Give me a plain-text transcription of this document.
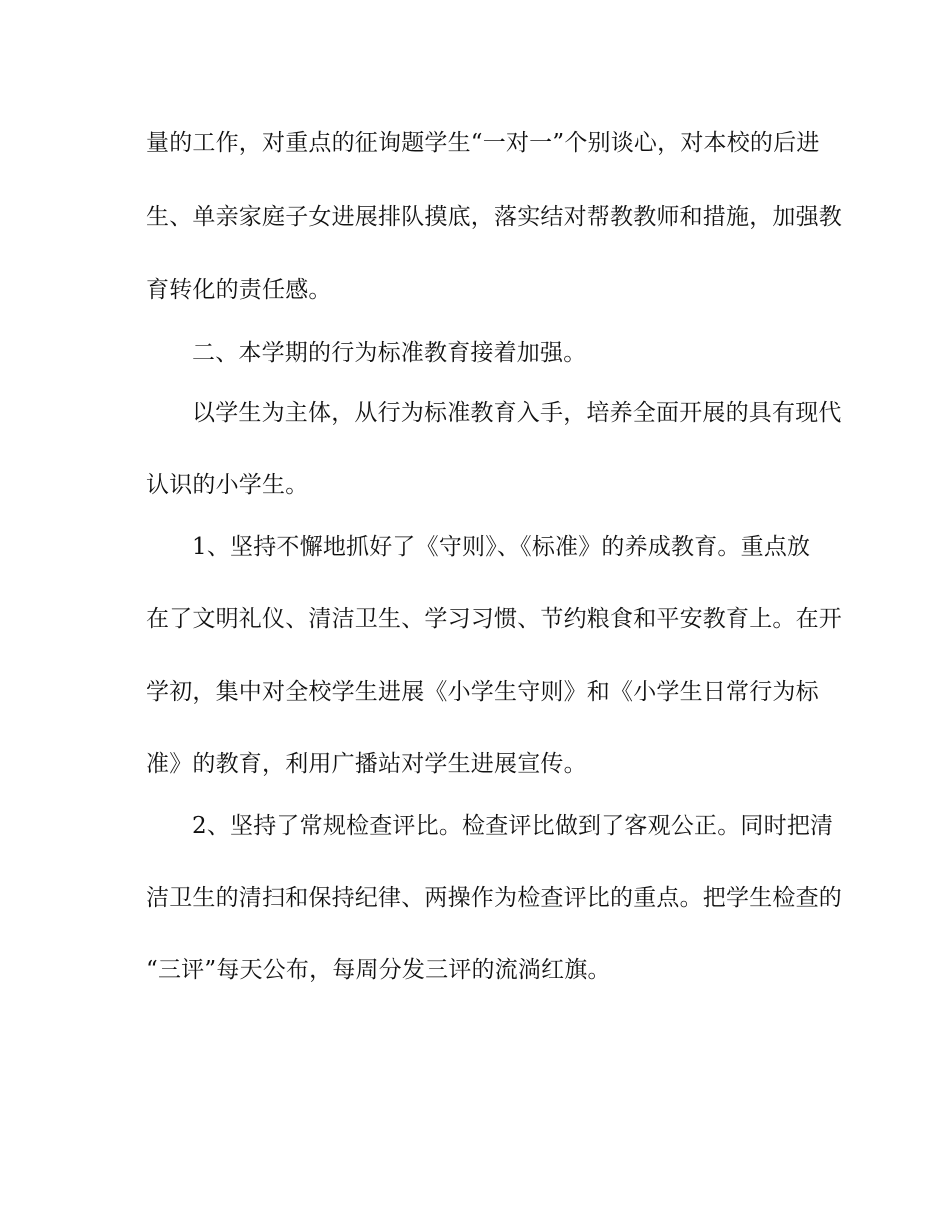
量的工作，对重点的征询题学生“一对一”个别谈心，对本校的后进
生、单亲家庭子女进展排队摸底，落实结对帮教教师和措施，加强教
育转化的责任感。
二、本学期的行为标准教育接着加强。
以学生为主体，从行为标准教育入手，培养全面开展的具有现代
认识的小学生。
1、坚持不懈地抓好了《守则》、《标准》的养成教育。重点放
在了文明礼仪、清洁卫生、学习习惯、节约粮食和平安教育上。在开
学初，集中对全校学生进展《小学生守则》和《小学生日常行为标
准》的教育，利用广播站对学生进展宣传。
2、坚持了常规检查评比。检查评比做到了客观公正。同时把清
洁卫生的清扫和保持纪律、两操作为检查评比的重点。把学生检查的
“三评”每天公布，每周分发三评的流淌红旗。
